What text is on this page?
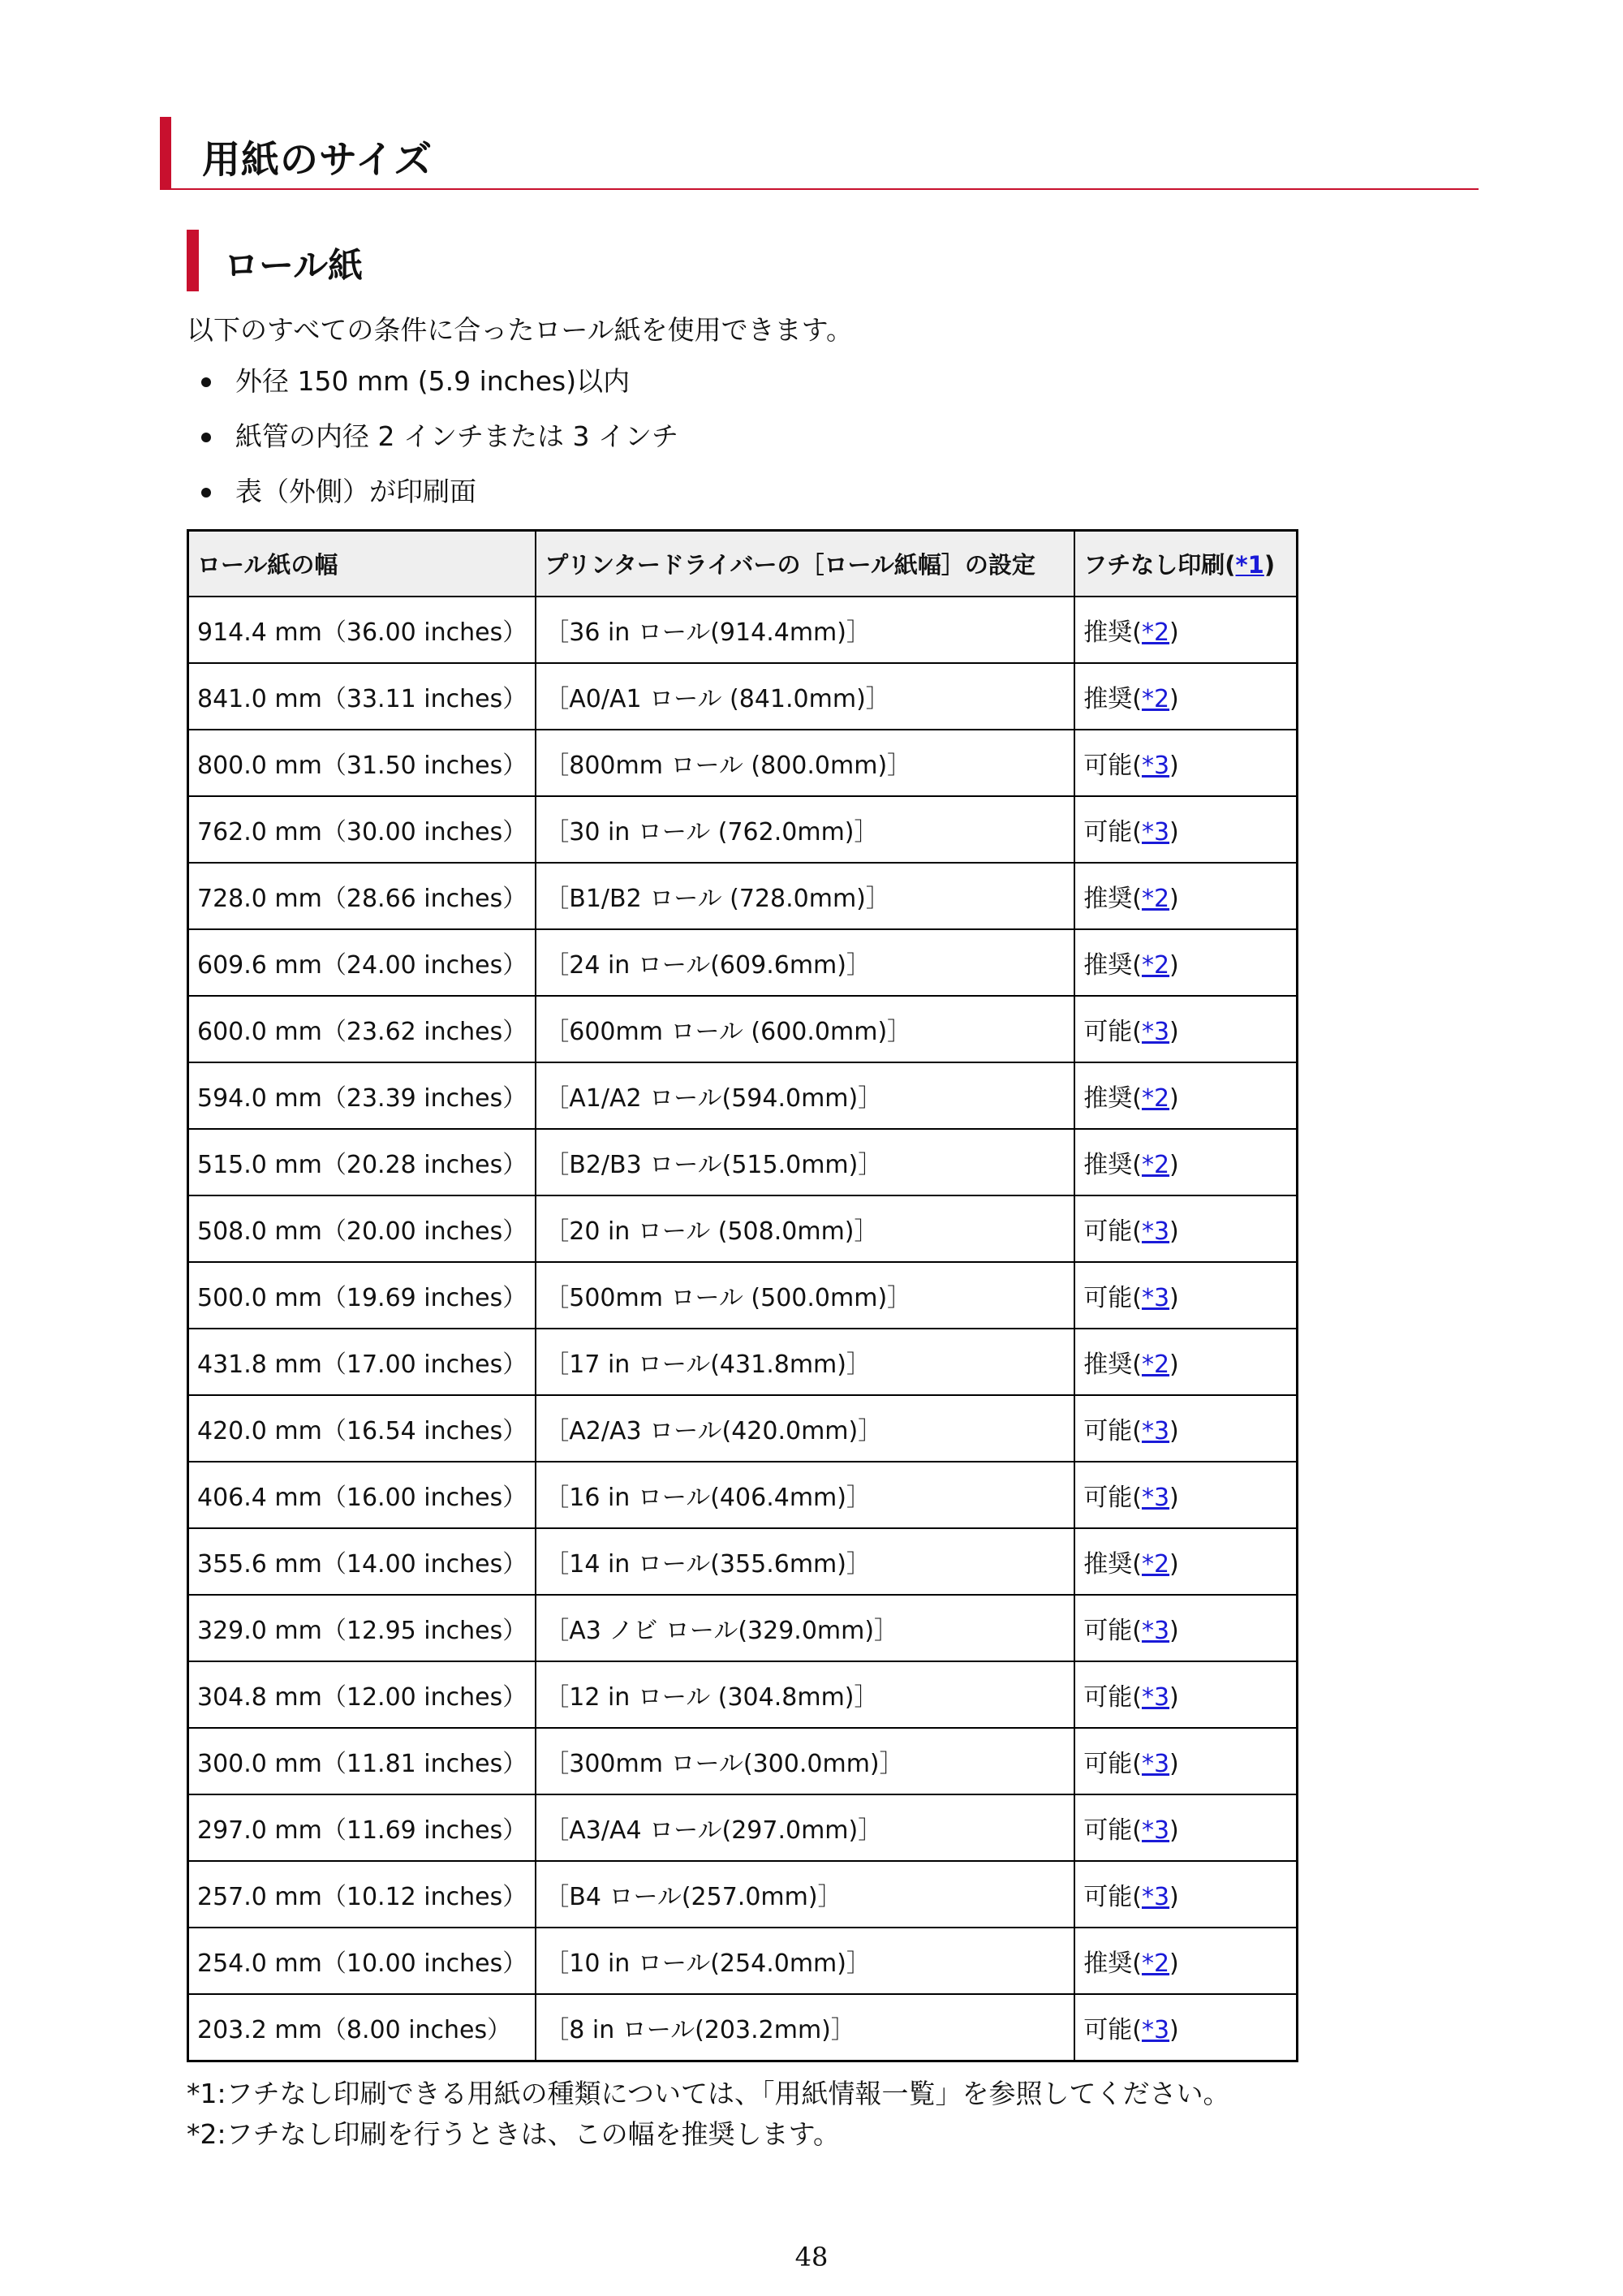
用紙のサイズ
ロール紙

以下のすべての条件に合ったロール紙を使用できます。

外径 150 mm (5.9 inches)以内
紙管の内径 2 インチまたは 3 インチ
表（外側）が印刷面
ロール紙の幅	プリンタードライバーの［ロール紙幅］の設定	フチなし印刷(*1)
914.4 mm（36.00 inches）	［36 in ロール(914.4mm)］	推奨(*2)
841.0 mm（33.11 inches）	［A0/A1 ロール (841.0mm)］	推奨(*2)
800.0 mm（31.50 inches）	［800mm ロール (800.0mm)］	可能(*3)
762.0 mm（30.00 inches）	［30 in ロール (762.0mm)］	可能(*3)
728.0 mm（28.66 inches）	［B1/B2 ロール (728.0mm)］	推奨(*2)
609.6 mm（24.00 inches）	［24 in ロール(609.6mm)］	推奨(*2)
600.0 mm（23.62 inches）	［600mm ロール (600.0mm)］	可能(*3)
594.0 mm（23.39 inches）	［A1/A2 ロール(594.0mm)］	推奨(*2)
515.0 mm（20.28 inches）	［B2/B3 ロール(515.0mm)］	推奨(*2)
508.0 mm（20.00 inches）	［20 in ロール (508.0mm)］	可能(*3)
500.0 mm（19.69 inches）	［500mm ロール (500.0mm)］	可能(*3)
431.8 mm（17.00 inches）	［17 in ロール(431.8mm)］	推奨(*2)
420.0 mm（16.54 inches）	［A2/A3 ロール(420.0mm)］	可能(*3)
406.4 mm（16.00 inches）	［16 in ロール(406.4mm)］	可能(*3)
355.6 mm（14.00 inches）	［14 in ロール(355.6mm)］	推奨(*2)
329.0 mm（12.95 inches）	［A3 ノビ ロール(329.0mm)］	可能(*3)
304.8 mm（12.00 inches）	［12 in ロール (304.8mm)］	可能(*3)
300.0 mm（11.81 inches）	［300mm ロール(300.0mm)］	可能(*3)
297.0 mm（11.69 inches）	［A3/A4 ロール(297.0mm)］	可能(*3)
257.0 mm（10.12 inches）	［B4 ロール(257.0mm)］	可能(*3)
254.0 mm（10.00 inches）	［10 in ロール(254.0mm)］	推奨(*2)
203.2 mm（8.00 inches）	［8 in ロール(203.2mm)］	可能(*3)
*1:フチなし印刷できる用紙の種類については、「用紙情報一覧」を参照してください。
*2:フチなし印刷を行うときは、この幅を推奨します。
48
